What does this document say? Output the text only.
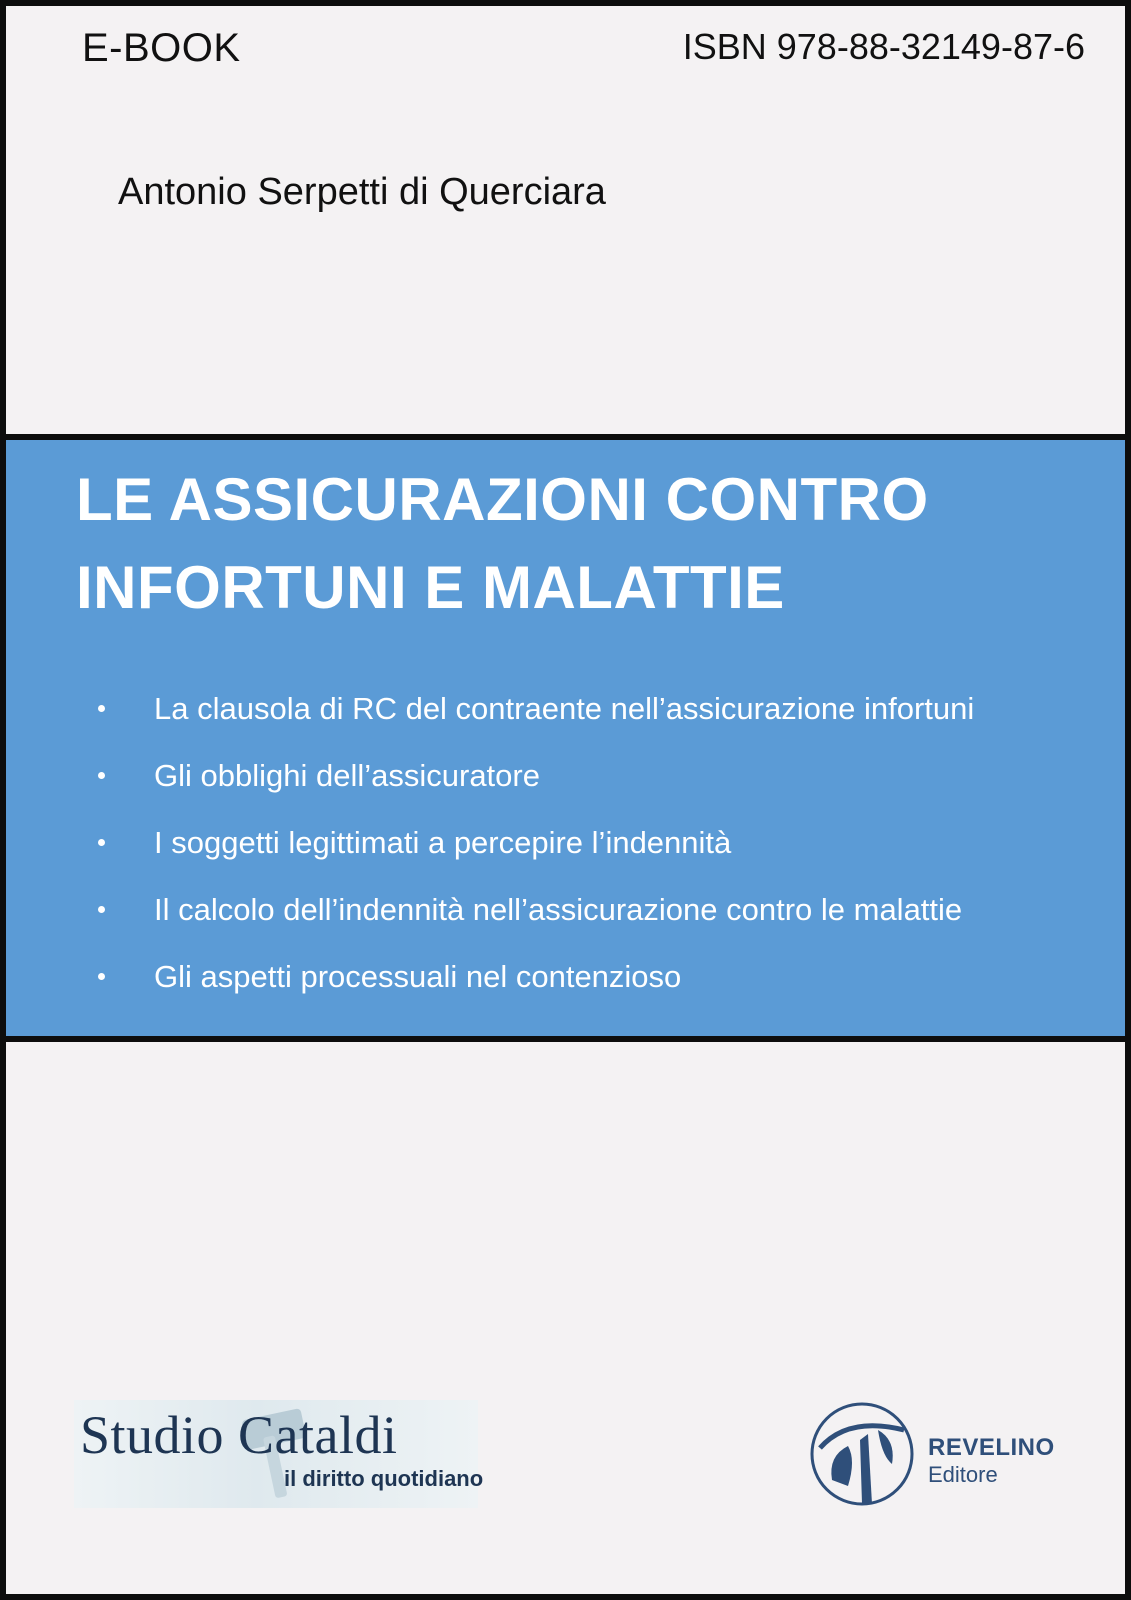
E-BOOK	ISBN 978-88-32149-87-6
Antonio Serpetti di Querciara
LE ASSICURAZIONI CONTRO
INFORTUNI E MALATTIE
La clausola di RC del contraente nell’assicurazione infortuni
Gli obblighi dell’assicuratore
I soggetti legittimati a percepire l’indennità
Il calcolo dell’indennità nell’assicurazione contro le malattie
Gli aspetti processuali nel contenzioso
Studio Cataldi
il diritto quotidiano
REVELINO
Editore
